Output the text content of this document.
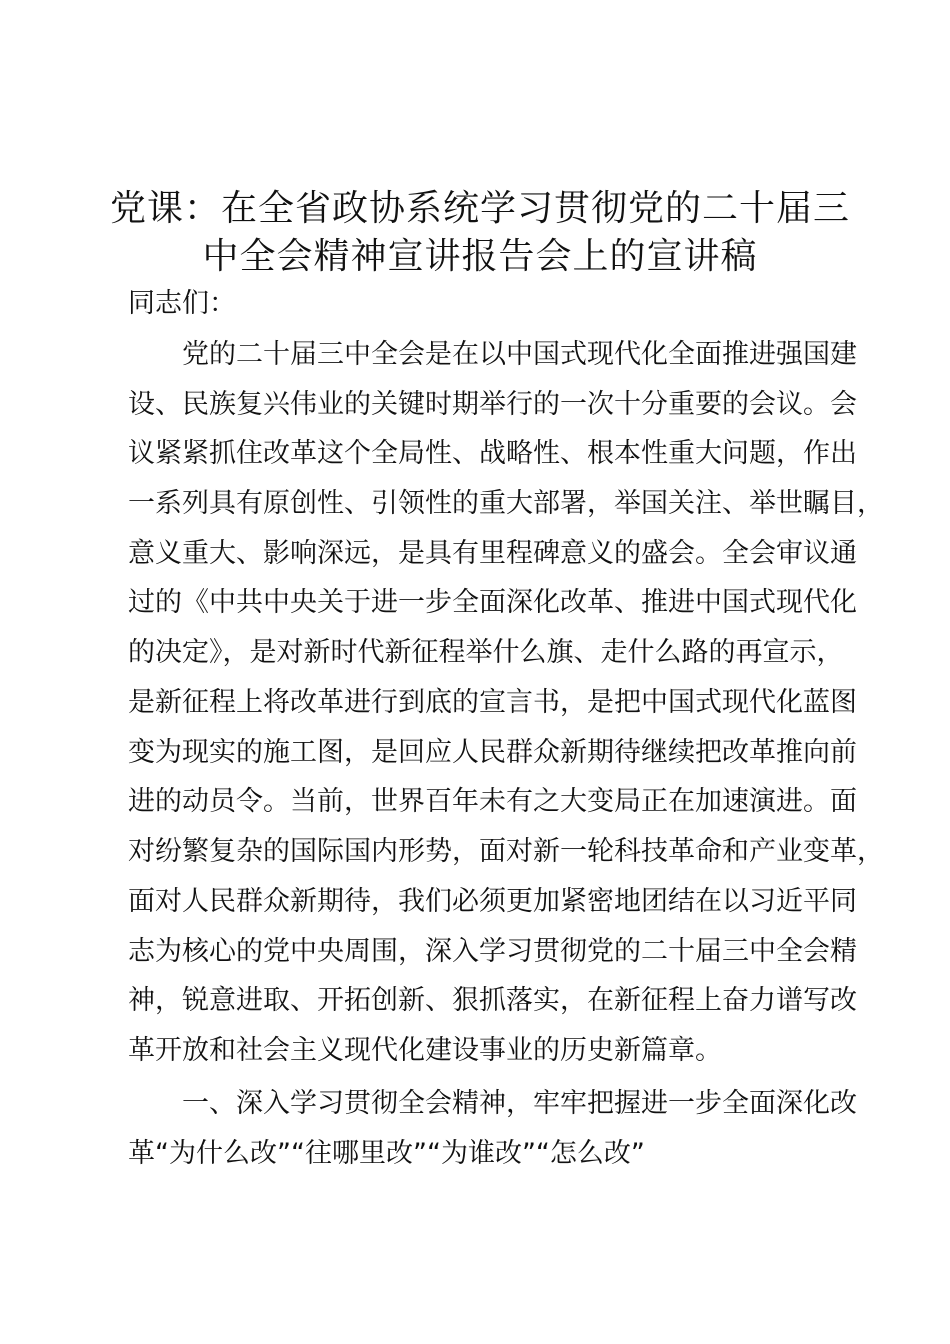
党课：在全省政协系统学习贯彻党的二十届三
中全会精神宣讲报告会上的宣讲稿
同志们：
党的二十届三中全会是在以中国式现代化全面推进强国建
设、民族复兴伟业的关键时期举行的一次十分重要的会议。会
议紧紧抓住改革这个全局性、战略性、根本性重大问题，作出
一系列具有原创性、引领性的重大部署，举国关注、举世瞩目，
意义重大、影响深远，是具有里程碑意义的盛会。全会审议通
过的《中共中央关于进一步全面深化改革、推进中国式现代化
的决定》，是对新时代新征程举什么旗、走什么路的再宣示，
是新征程上将改革进行到底的宣言书，是把中国式现代化蓝图
变为现实的施工图，是回应人民群众新期待继续把改革推向前
进的动员令。当前，世界百年未有之大变局正在加速演进。面
对纷繁复杂的国际国内形势，面对新一轮科技革命和产业变革，
面对人民群众新期待，我们必须更加紧密地团结在以习近平同
志为核心的党中央周围，深入学习贯彻党的二十届三中全会精
神，锐意进取、开拓创新、狠抓落实，在新征程上奋力谱写改
革开放和社会主义现代化建设事业的历史新篇章。
一、深入学习贯彻全会精神，牢牢把握进一步全面深化改
革“为什么改”“往哪里改”“为谁改”“怎么改”
